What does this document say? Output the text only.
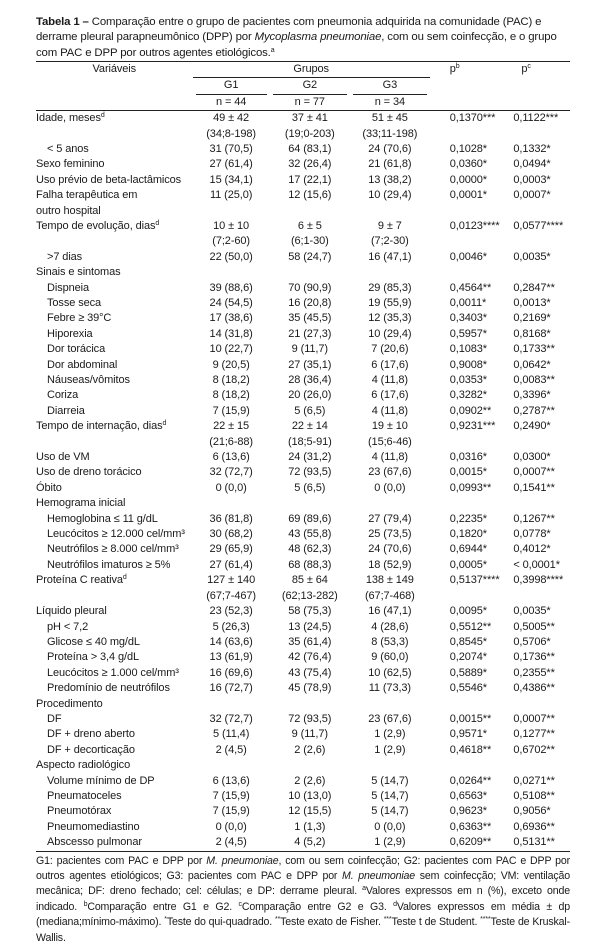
Tabela 1 – Comparação entre o grupo de pacientes com pneumonia adquirida na comunidade (PAC) e derrame pleural parapneumônico (DPP) por Mycoplasma pneumoniae, com ou sem coinfecção, e o grupo com PAC e DPP por outros agentes etiológicos.$^a$
Variáveis	Grupos			$p^b$	$p^c$

	G1	G2	G3		

	n = 44	n = 77	n = 34		
Idade, meses$^d$	49 ± 42	37 ± 41	51 ± 45	0,1370***	0,1122***
	(34;8-198)	(19;0-203)	(33;11-198)		
< 5 anos	31 (70,5)	64 (83,1)	24 (70,6)	0,1028*	0,1332*
Sexo feminino	27 (61,4)	32 (26,4)	21 (61,8)	0,0360*	0,0494*
Uso prévio de beta-lactâmicos	15 (34,1)	17 (22,1)	13 (38,2)	0,0000*	0,0003*
Falha terapêutica em	11 (25,0)	12 (15,6)	10 (29,4)	0,0001*	0,0007*
outro hospital					
Tempo de evolução, dias$^d$	10 ± 10	6 ± 5	9 ± 7	0,0123****	0,0577****
	(7;2-60)	(6;1-30)	(7;2-30)		
>7 dias	22 (50,0)	58 (24,7)	16 (47,1)	0,0046*	0,0035*
Sinais e sintomas					
Dispneia	39 (88,6)	70 (90,9)	29 (85,3)	0,4564**	0,2847**
Tosse seca	24 (54,5)	16 (20,8)	19 (55,9)	0,0011*	0,0013*
Febre ≥ 39°C	17 (38,6)	35 (45,5)	12 (35,3)	0,3403*	0,2169*
Hiporexia	14 (31,8)	21 (27,3)	10 (29,4)	0,5957*	0,8168*
Dor torácica	10 (22,7)	9 (11,7)	7 (20,6)	0,1083*	0,1733**
Dor abdominal	9 (20,5)	27 (35,1)	6 (17,6)	0,9008*	0,0642*
Náuseas/vômitos	8 (18,2)	28 (36,4)	4 (11,8)	0,0353*	0,0083**
Coriza	8 (18,2)	20 (26,0)	6 (17,6)	0,3282*	0,3396*
Diarreia	7 (15,9)	5 (6,5)	4 (11,8)	0,0902**	0,2787**
Tempo de internação, dias$^d$	22 ± 15	22 ± 14	19 ± 10	0,9231***	0,2490*
	(21;6-88)	(18;5-91)	(15;6-46)		
Uso de VM	6 (13,6)	24 (31,2)	4 (11,8)	0,0316*	0,0300*
Uso de dreno torácico	32 (72,7)	72 (93,5)	23 (67,6)	0,0015*	0,0007**
Óbito	0 (0,0)	5 (6,5)	0 (0,0)	0,0993**	0,1541**
Hemograma inicial					
Hemoglobina ≤ 11 g/dL	36 (81,8)	69 (89,6)	27 (79,4)	0,2235*	0,1267**
Leucócitos ≥ 12.000 cel/mm³	30 (68,2)	43 (55,8)	25 (73,5)	0,1820*	0,0778*
Neutrófilos ≥ 8.000 cel/mm³	29 (65,9)	48 (62,3)	24 (70,6)	0,6944*	0,4012*
Neutrófilos imaturos ≥ 5%	27 (61,4)	68 (88,3)	18 (52,9)	0,0005*	< 0,0001*
Proteína C reativa$^d$	127 ± 140	85 ± 64	138 ± 149	0,5137****	0,3998****
	(67;7-467)	(62;13-282)	(67;7-468)		
Líquido pleural	23 (52,3)	58 (75,3)	16 (47,1)	0,0095*	0,0035*
pH < 7,2	5 (26,3)	13 (24,5)	4 (28,6)	0,5512**	0,5005**
Glicose ≤ 40 mg/dL	14 (63,6)	35 (61,4)	8 (53,3)	0,8545*	0,5706*
Proteína > 3,4 g/dL	13 (61,9)	42 (76,4)	9 (60,0)	0,2074*	0,1736**
Leucócitos ≥ 1.000 cel/mm³	16 (69,6)	43 (75,4)	10 (62,5)	0,5889*	0,2355**
Predomínio de neutrófilos	16 (72,7)	45 (78,9)	11 (73,3)	0,5546*	0,4386**
Procedimento					
DF	32 (72,7)	72 (93,5)	23 (67,6)	0,0015**	0,0007**
DF + dreno aberto	5 (11,4)	9 (11,7)	1 (2,9)	0,9571*	0,1277**
DF + decorticação	2 (4,5)	2 (2,6)	1 (2,9)	0,4618**	0,6702**
Aspecto radiológico					
Volume mínimo de DP	6 (13,6)	2 (2,6)	5 (14,7)	0,0264**	0,0271**
Pneumatoceles	7 (15,9)	10 (13,0)	5 (14,7)	0,6563*	0,5108**
Pneumotórax	7 (15,9)	12 (15,5)	5 (14,7)	0,9623*	0,9056*
Pneumomediastino	0 (0,0)	1 (1,3)	0 (0,0)	0,6363**	0,6936**
Abscesso pulmonar	2 (4,5)	4 (5,2)	1 (2,9)	0,6209**	0,5131**
G1: pacientes com PAC e DPP por M. pneumoniae, com ou sem coinfecção; G2: pacientes com PAC e DPP por outros agentes etiológicos; G3: pacientes com PAC e DPP por M. pneumoniae sem coinfecção; VM: ventilação mecânica; DF: dreno fechado; cel: células; e DP: derrame pleural. $^a$Valores expressos em n (%), exceto onde indicado. $^b$Comparação entre G1 e G2. $^c$Comparação entre G2 e G3. $^d$Valores expressos em média ± dp (mediana;mínimo-máximo). *Teste do qui-quadrado. **Teste exato de Fisher. ***Teste t de Student. ****Teste de Kruskal-Wallis.
